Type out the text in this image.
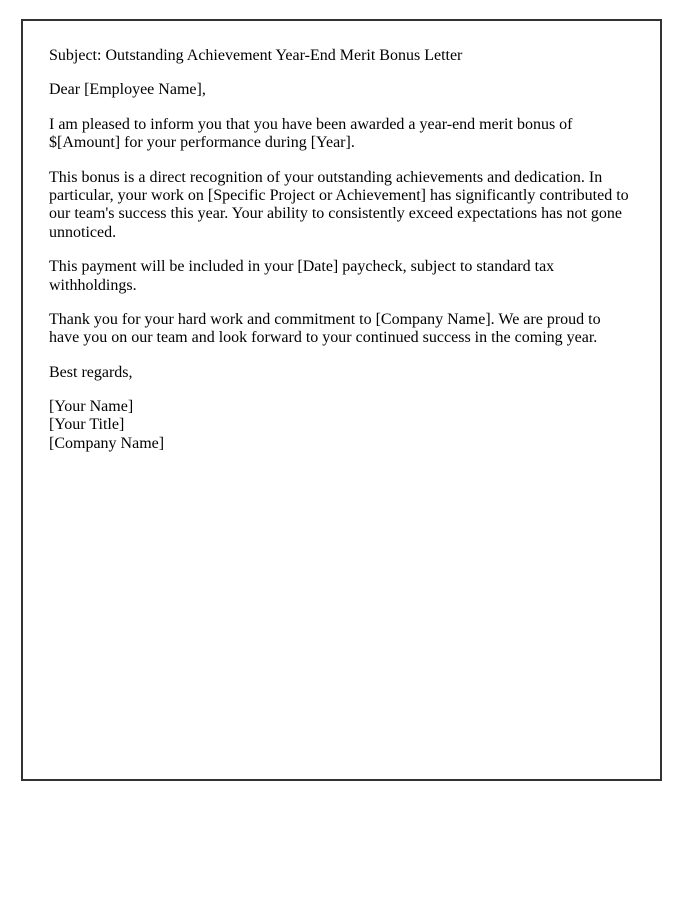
Subject: Outstanding Achievement Year-End Merit Bonus Letter

Dear [Employee Name],

I am pleased to inform you that you have been awarded a year-end merit bonus of $[Amount] for your performance during [Year].

This bonus is a direct recognition of your outstanding achievements and dedication. In particular, your work on [Specific Project or Achievement] has significantly contributed to our team's success this year. Your ability to consistently exceed expectations has not gone unnoticed.

This payment will be included in your [Date] paycheck, subject to standard tax withholdings.

Thank you for your hard work and commitment to [Company Name]. We are proud to have you on our team and look forward to your continued success in the coming year.

Best regards,

[Your Name]
[Your Title]
[Company Name]
